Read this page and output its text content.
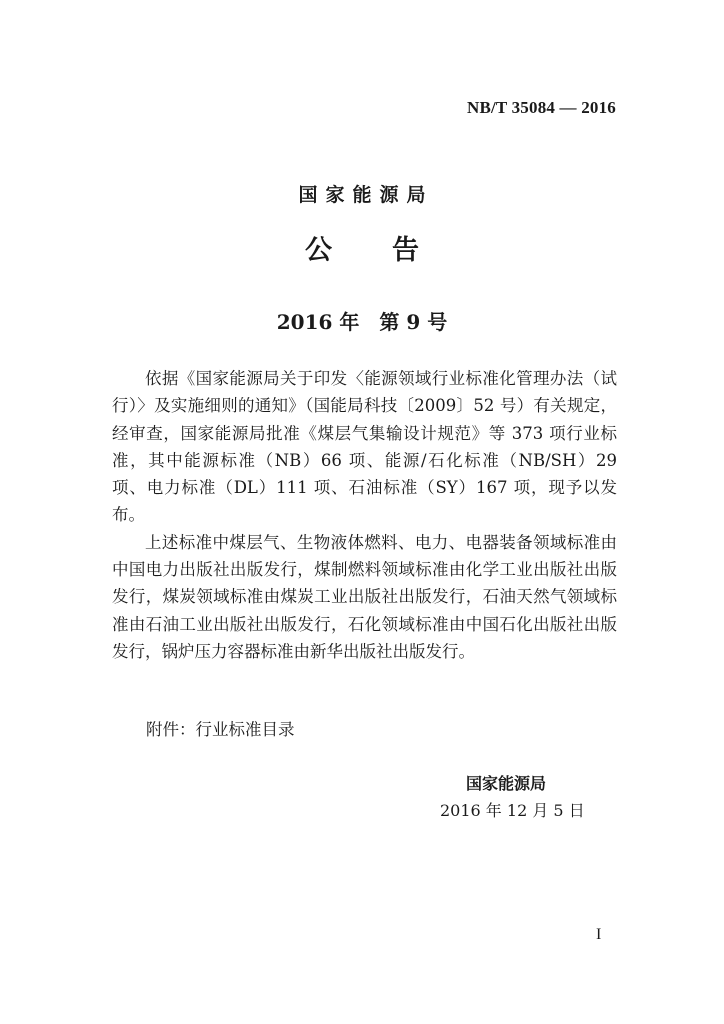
NB/T 35084 — 2016
国家能源局
公告
2016 年 第 9 号

依据《国家能源局关于印发〈能源领域行业标准化管理办法（试行）〉及实施细则的通知》（国能局科技〔2009〕52 号）有关规定，经审查，国家能源局批准《煤层气集输设计规范》等 373 项行业标准，其中能源标准（NB）66 项、能源/石化标准（NB/SH）29 项、电力标准（DL）111 项、石油标准（SY）167 项，现予以发布。

上述标准中煤层气、生物液体燃料、电力、电器装备领域标准由中国电力出版社出版发行，煤制燃料领域标准由化学工业出版社出版发行，煤炭领域标准由煤炭工业出版社出版发行，石油天然气领域标准由石油工业出版社出版发行，石化领域标准由中国石化出版社出版发行，锅炉压力容器标准由新华出版社出版发行。

附件：行业标准目录
国家能源局
2016 年 12 月 5 日
I
